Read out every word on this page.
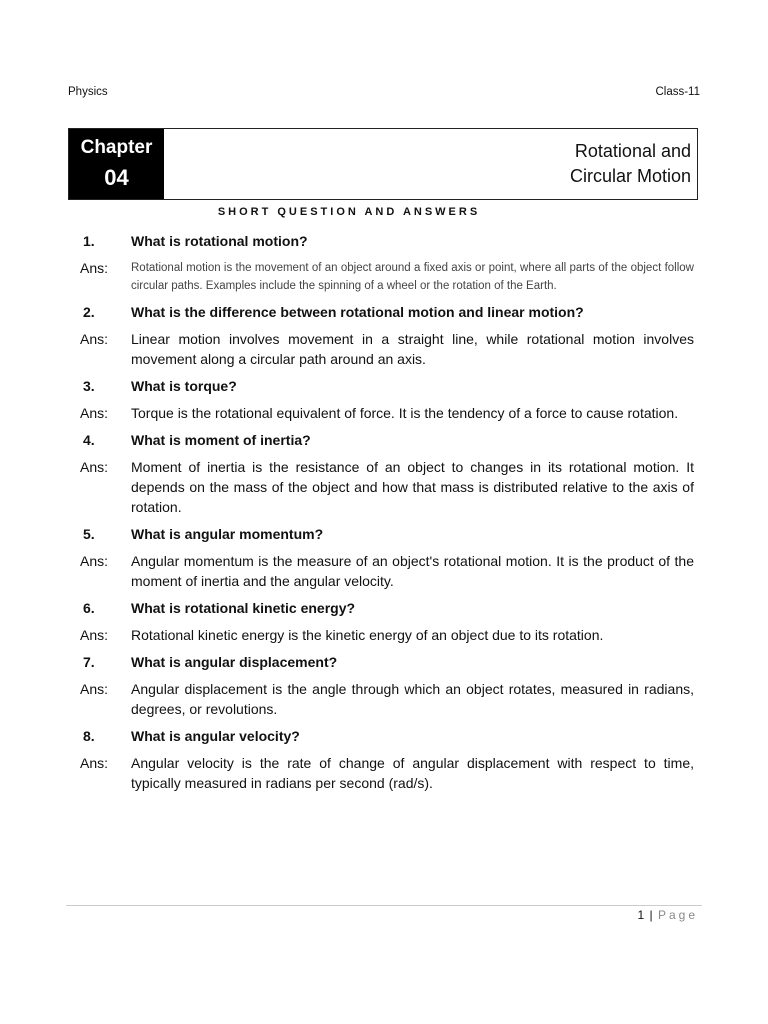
Physics	Class-11
Chapter
04
Rotational and
Circular Motion
SHORT QUESTION AND ANSWERS
1.	What is rotational motion?
Ans:	Rotational motion is the movement of an object around a fixed axis or point, where all parts of the object follow circular paths. Examples include the spinning of a wheel or the rotation of the Earth.
2.	What is the difference between rotational motion and linear motion?
Ans:	Linear motion involves movement in a straight line, while rotational motion involves movement along a circular path around an axis.
3.	What is torque?
Ans:	Torque is the rotational equivalent of force. It is the tendency of a force to cause rotation.
4.	What is moment of inertia?
Ans:	Moment of inertia is the resistance of an object to changes in its rotational motion. It depends on the mass of the object and how that mass is distributed relative to the axis of rotation.
5.	What is angular momentum?
Ans:	Angular momentum is the measure of an object's rotational motion. It is the product of the moment of inertia and the angular velocity.
6.	What is rotational kinetic energy?
Ans:	Rotational kinetic energy is the kinetic energy of an object due to its rotation.
7.	What is angular displacement?
Ans:	Angular displacement is the angle through which an object rotates, measured in radians, degrees, or revolutions.
8.	What is angular velocity?
Ans:	Angular velocity is the rate of change of angular displacement with respect to time, typically measured in radians per second (rad/s).
1 | Page
